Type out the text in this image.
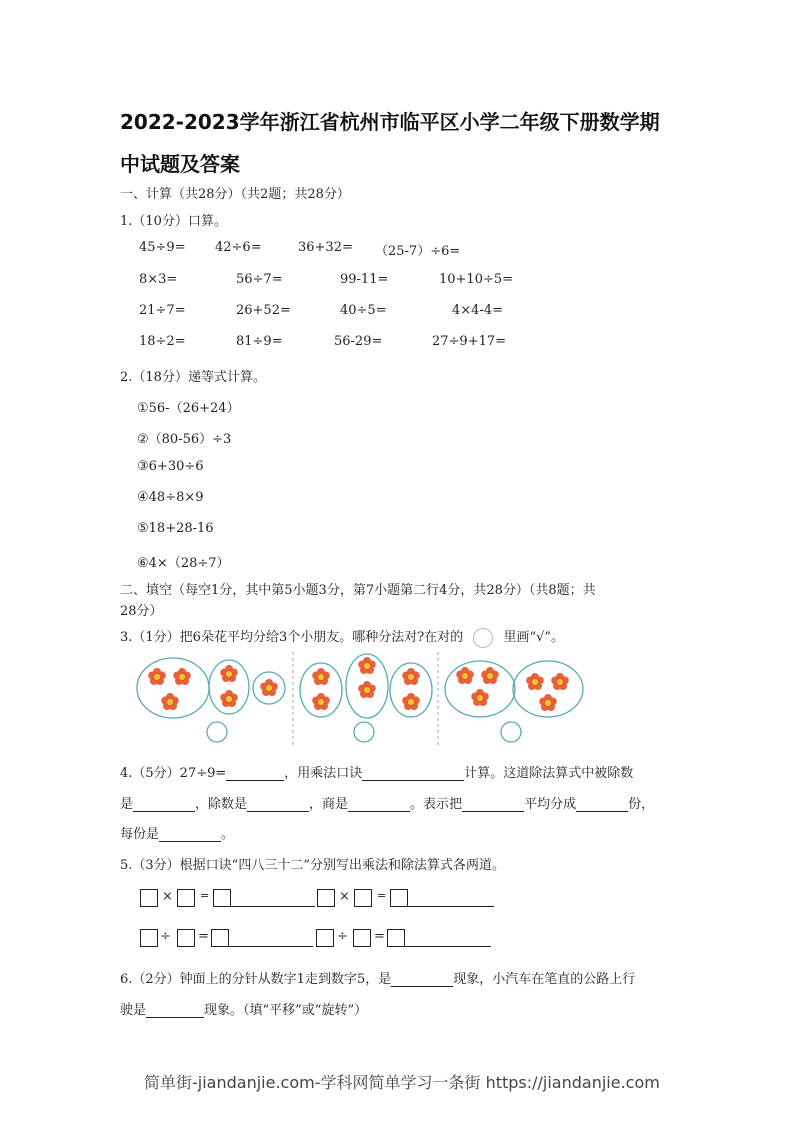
2022-2023学年浙江省杭州市临平区小学二年级下册数学期
中试题及答案
一、计算（共28分）（共2题；共28分）
1.（10分）口算。
45÷9= 42÷6=	36+32= （25-7）÷6=
8×3=	56÷7=	99-11=	10+10÷5=
21÷7=	26+52=	40÷5=	4×4-4=
18÷2=	81÷9=	56-29=	27÷9+17=
2.（18分）递等式计算。
①56-（26+24）
②（80-56）÷3
③6+30÷6
④48÷8×9
⑤18+28-16
⑥4×（28÷7）
二、填空（每空1分，其中第5小题3分，第7小题第二行4分，共28分）（共8题；共
28分）
3.（1分）把6朵花平均分给3个小朋友。哪种分法对?在对的	里画“√”。
4.（5分）27÷9=	，用乘法口诀	计算。这道除法算式中被除数
是	，除数是	，商是	。表示把	平均分成	份，
每份是	。
5.（3分）根据口诀“四八三十二”分别写出乘法和除法算式各两道。
× =	× =
÷ =	÷ =
6.（2分）钟面上的分针从数字1走到数字5，是	现象，小汽车在笔直的公路上行
驶是	现象。（填“平移”或“旋转”）
简单街-jiandanjie.com-学科网简单学习一条街 https://jiandanjie.com
